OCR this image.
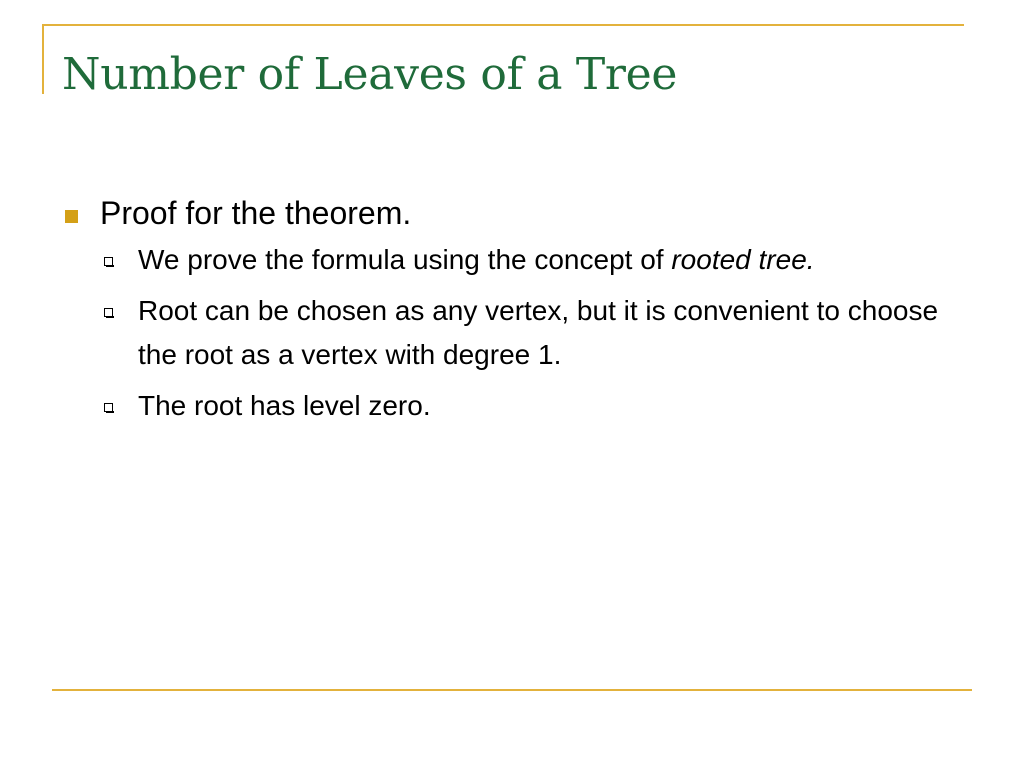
Number of Leaves of a Tree
Proof for the theorem.
We prove the formula using the concept of rooted tree.
Root can be chosen as any vertex, but it is convenient to choose the root as a vertex with degree 1.
The root has level zero.
